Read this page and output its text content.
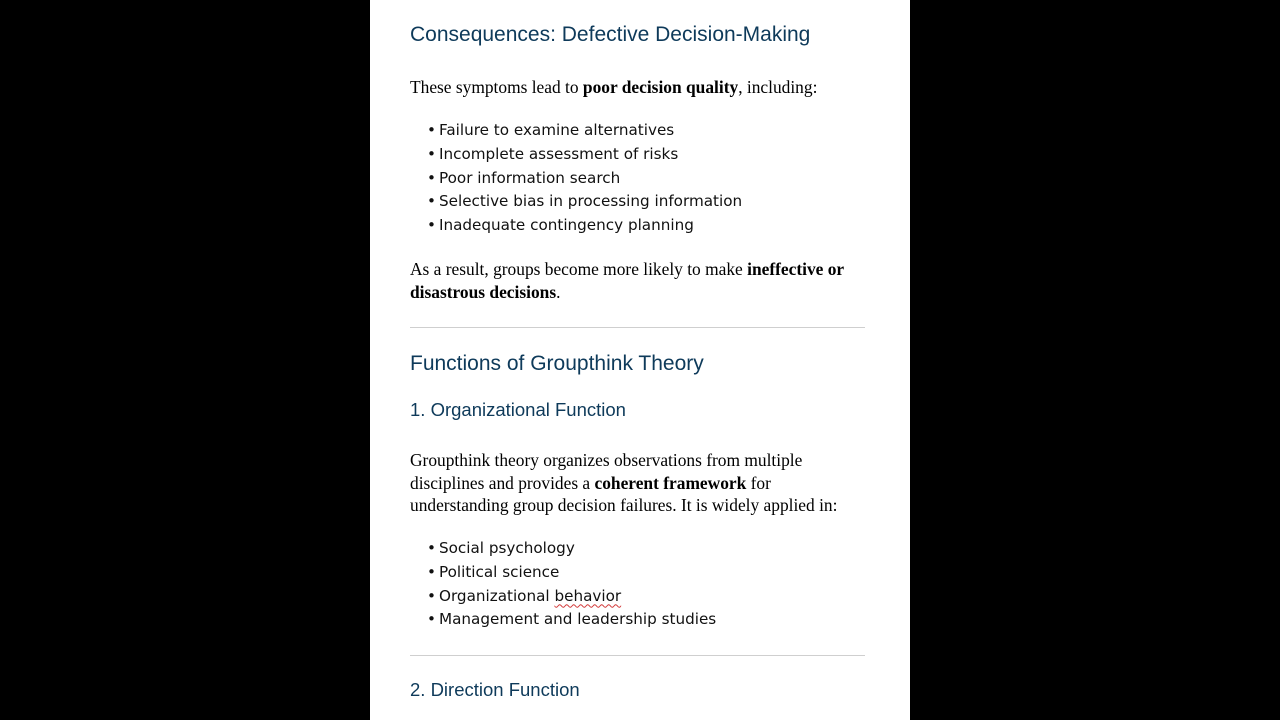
Consequences: Defective Decision-Making
These symptoms lead to poor decision quality, including:
• Failure to examine alternatives
• Incomplete assessment of risks
• Poor information search
• Selective bias in processing information
• Inadequate contingency planning
As a result, groups become more likely to make ineffective or
disastrous decisions.
Functions of Groupthink Theory
1. Organizational Function
Groupthink theory organizes observations from multiple
disciplines and provides a coherent framework for
understanding group decision failures. It is widely applied in:
• Social psychology
• Political science
• Organizational behavior
• Management and leadership studies
2. Direction Function
